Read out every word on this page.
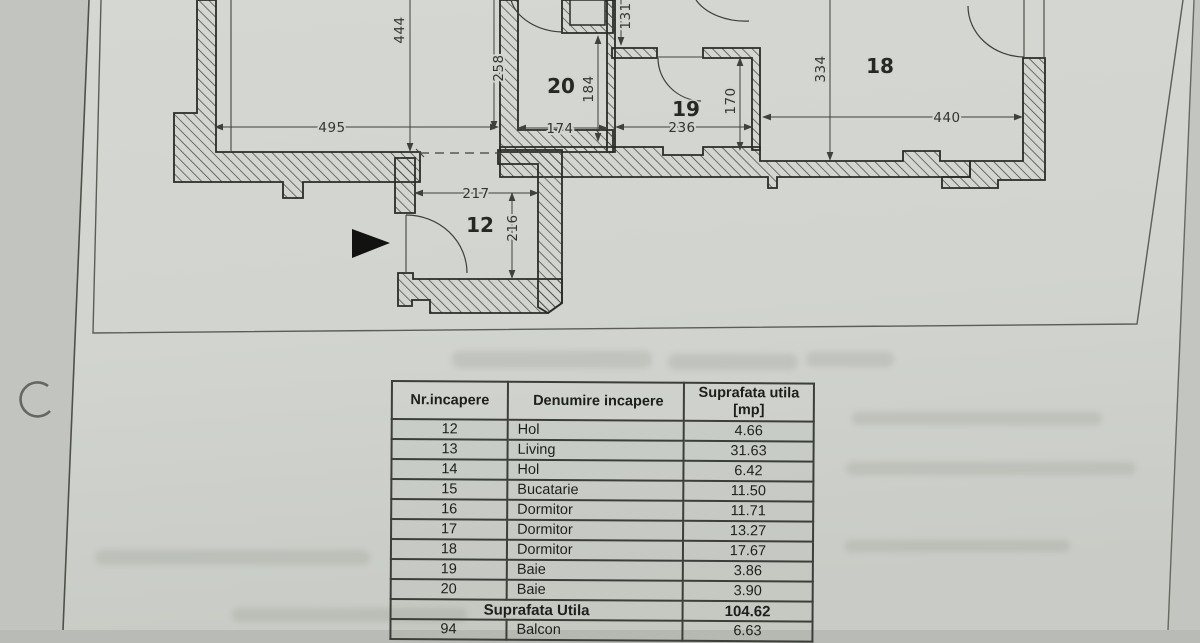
495
444
258
131
184
174	236
170
334
440
217
216
12
20
19
18
Nr.incapere	Denumire incapere	Suprafata utila
[mp]

12	Hol	4.66
13	Living	31.63
14	Hol	6.42
15	Bucatarie	11.50
16	Dormitor	11.71
17	Dormitor	13.27
18	Dormitor	17.67
19	Baie	3.86
20	Baie	3.90
Suprafata Utila		104.62
94	Balcon	6.63
